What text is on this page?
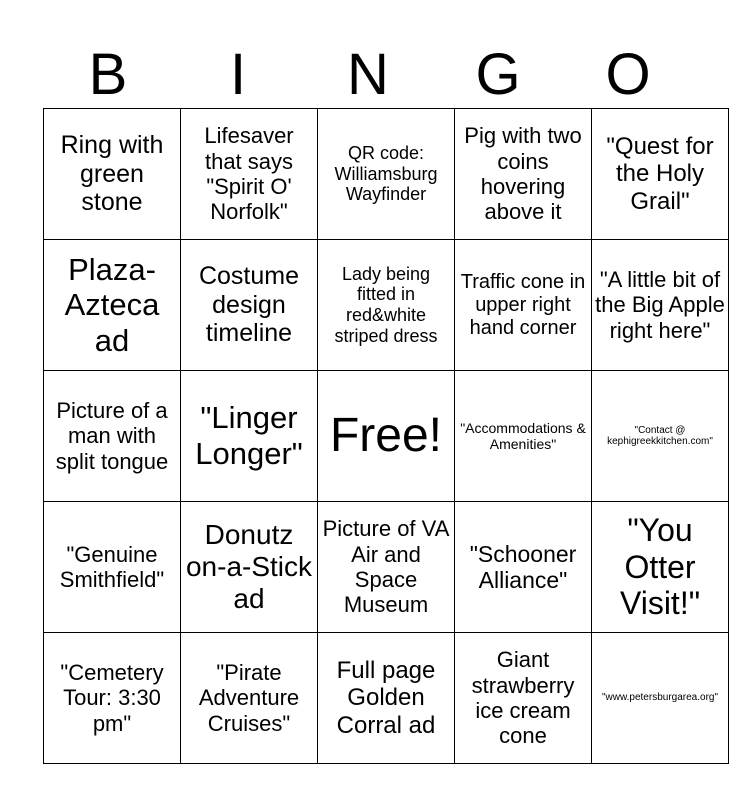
B	I	N	G	O
Ring with green stone	Lifesaver that says "Spirit O' Norfolk"	QR code: Williamsburg Wayfinder	Pig with two coins hovering above it	"Quest for the Holy Grail"
Plaza-Azteca ad	Costume design timeline	Lady being fitted in red&white striped dress	Traffic cone in upper right hand corner	"A little bit of the Big Apple right here"
Picture of a man with split tongue	"Linger Longer"	Free!	"Accommodations & Amenities"	"Contact @ kephigreekkitchen.com"
"Genuine Smithfield"	Donutz on-a-Stick ad	Picture of VA Air and Space Museum	"Schooner Alliance"	"You Otter Visit!"
"Cemetery Tour: 3:30 pm"	"Pirate Adventure Cruises"	Full page Golden Corral ad	Giant strawberry ice cream cone	"www.petersburgarea.org"
